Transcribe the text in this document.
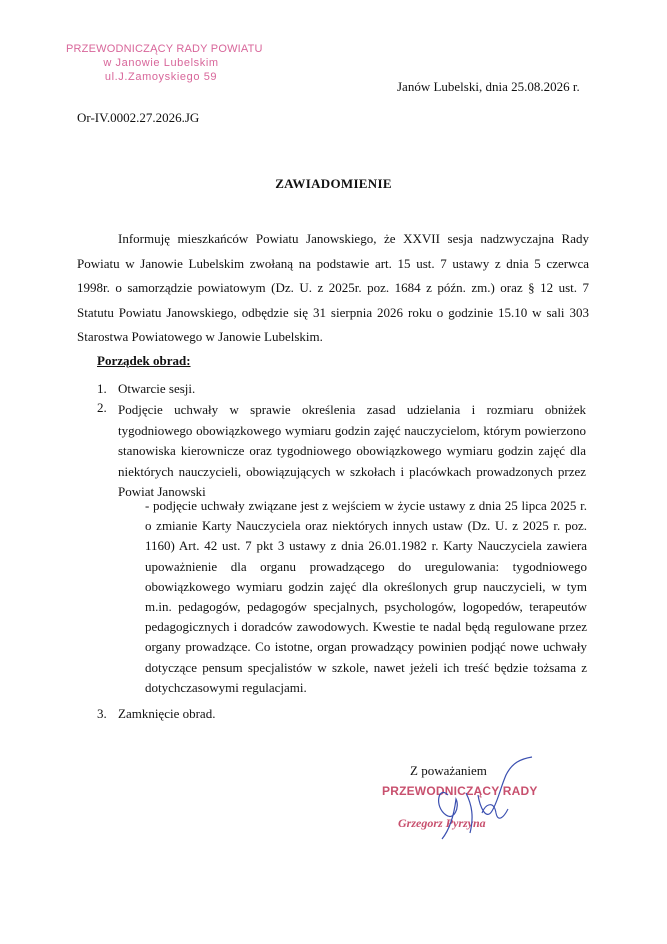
PRZEWODNICZĄCY RADY POWIATU
w Janowie Lubelskim
ul.J.Zamoyskiego 59
Janów Lubelski, dnia 25.08.2026 r.
Or-IV.0002.27.2026.JG
ZAWIADOMIENIE

Informuję mieszkańców Powiatu Janowskiego, że XXVII sesja nadzwyczajna Rady Powiatu w Janowie Lubelskim zwołaną na podstawie art. 15 ust. 7 ustawy z dnia 5 czerwca 1998r. o samorządzie powiatowym (Dz. U. z 2025r. poz. 1684 z późn. zm.) oraz § 12 ust. 7 Statutu Powiatu Janowskiego, odbędzie się 31 sierpnia 2026 roku o godzinie 15.10 w sali 303 Starostwa Powiatowego w Janowie Lubelskim.

Porządek obrad:
1. Otwarcie sesji.
2. Podjęcie uchwały w sprawie określenia zasad udzielania i rozmiaru obniżek tygodniowego obowiązkowego wymiaru godzin zajęć nauczycielom, którym powierzono stanowiska kierownicze oraz tygodniowego obowiązkowego wymiaru godzin zajęć dla niektórych nauczycieli, obowiązujących w szkołach i placówkach prowadzonych przez Powiat Janowski

- podjęcie uchwały związane jest z wejściem w życie ustawy z dnia 25 lipca 2025 r. o zmianie Karty Nauczyciela oraz niektórych innych ustaw (Dz. U. z 2025 r. poz. 1160) Art. 42 ust. 7 pkt 3 ustawy z dnia 26.01.1982 r. Karty Nauczyciela zawiera upoważnienie dla organu prowadzącego do uregulowania: tygodniowego obowiązkowego wymiaru godzin zajęć dla określonych grup nauczycieli, w tym m.in. pedagogów, pedagogów specjalnych, psychologów, logopedów, terapeutów pedagogicznych i doradców zawodowych. Kwestie te nadal będą regulowane przez organy prowadzące. Co istotne, organ prowadzący powinien podjąć nowe uchwały dotyczące pensum specjalistów w szkole, nawet jeżeli ich treść będzie tożsama z dotychczasowymi regulacjami.

3. Zamknięcie obrad.
Z poważaniem
PRZEWODNICZĄCY RADY
Grzegorz Pyrzyna
